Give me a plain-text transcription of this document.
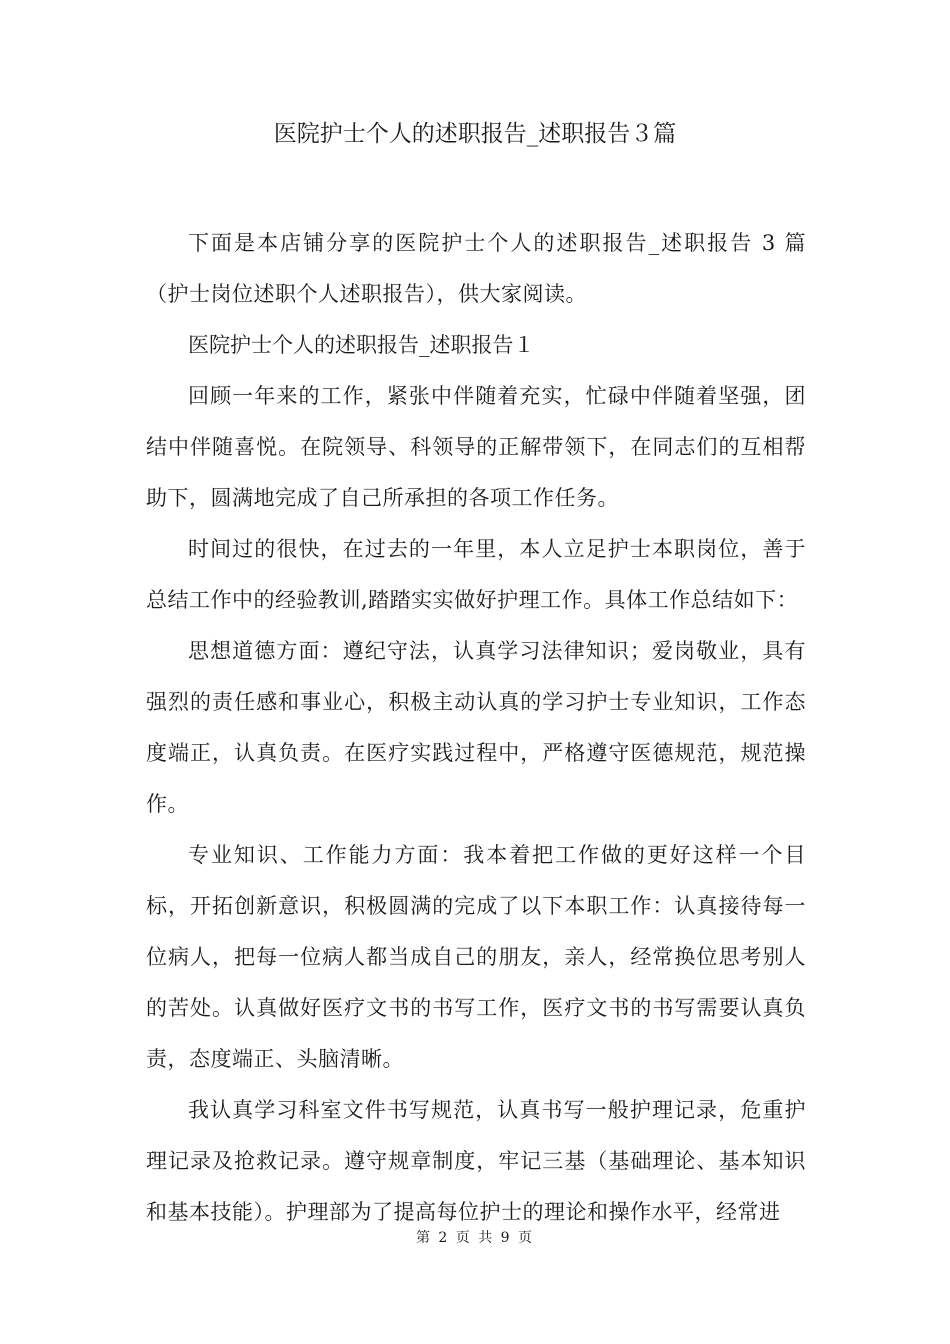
医院护士个人的述职报告_述职报告３篇

下面是本店铺分享的医院护士个人的述职报告_述职报告 3 篇（护士岗位述职个人述职报告），供大家阅读。

医院护士个人的述职报告_述职报告１

回顾一年来的工作，紧张中伴随着充实，忙碌中伴随着坚强，团结中伴随喜悦。在院领导、科领导的正解带领下，在同志们的互相帮助下，圆满地完成了自己所承担的各项工作任务。

时间过的很快，在过去的一年里，本人立足护士本职岗位，善于总结工作中的经验教训,踏踏实实做好护理工作。具体工作总结如下：

思想道德方面：遵纪守法，认真学习法律知识；爱岗敬业，具有强烈的责任感和事业心，积极主动认真的学习护士专业知识，工作态度端正，认真负责。在医疗实践过程中，严格遵守医德规范，规范操作。

专业知识、工作能力方面：我本着把工作做的更好这样一个目标，开拓创新意识，积极圆满的完成了以下本职工作：认真接待每一位病人，把每一位病人都当成自己的朋友，亲人，经常换位思考别人的苦处。认真做好医疗文书的书写工作，医疗文书的书写需要认真负责，态度端正、头脑清晰。

我认真学习科室文件书写规范，认真书写一般护理记录，危重护理记录及抢救记录。遵守规章制度，牢记三基（基础理论、基本知识和基本技能）。护理部为了提高每位护士的理论和操作水平，经常进

第 2 页 共 9 页
